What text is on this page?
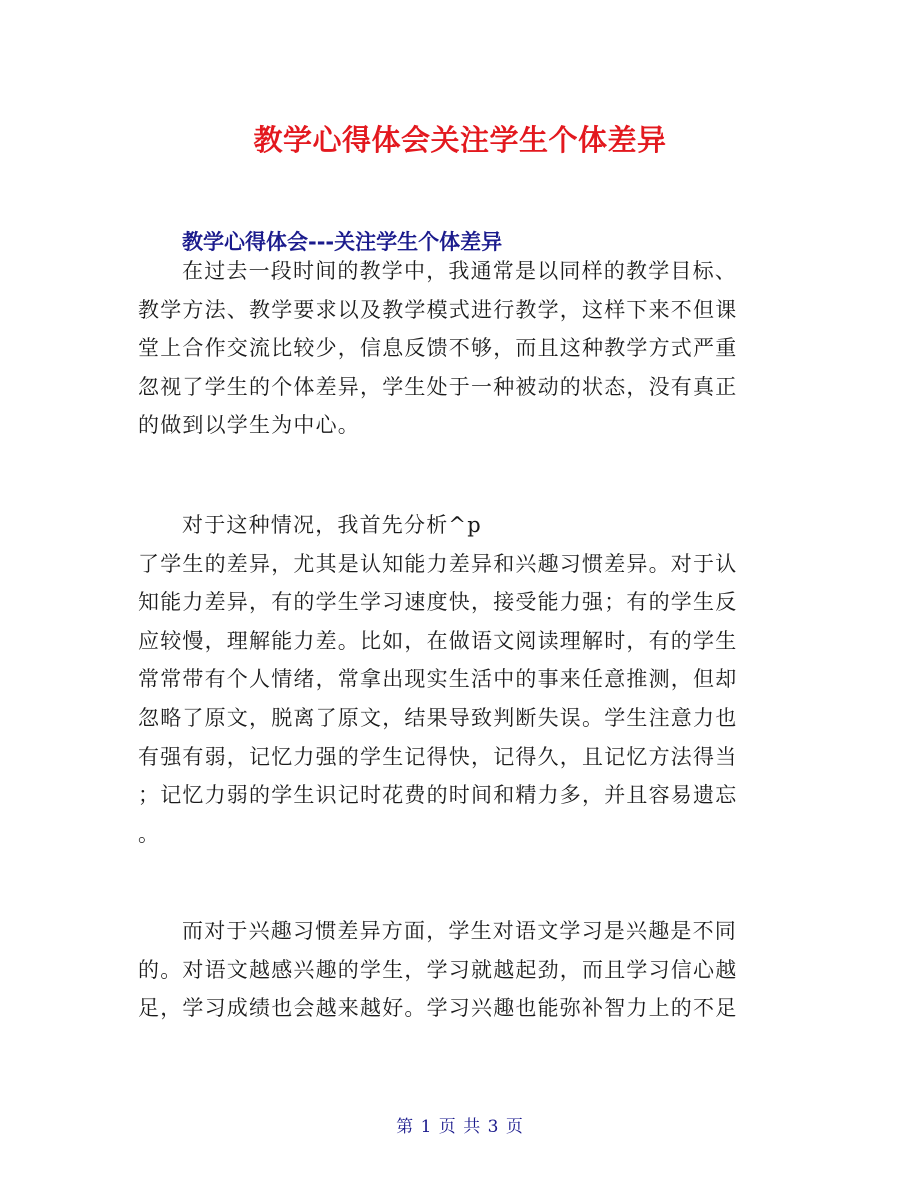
教学心得体会关注学生个体差异
教学心得体会---关注学生个体差异
在过去一段时间的教学中，我通常是以同样的教学目标、
教学方法、教学要求以及教学模式进行教学，这样下来不但课
堂上合作交流比较少，信息反馈不够，而且这种教学方式严重
忽视了学生的个体差异，学生处于一种被动的状态，没有真正
的做到以学生为中心。
对于这种情况，我首先分析^p
了学生的差异，尤其是认知能力差异和兴趣习惯差异。对于认
知能力差异，有的学生学习速度快，接受能力强；有的学生反
应较慢，理解能力差。比如，在做语文阅读理解时，有的学生
常常带有个人情绪，常拿出现实生活中的事来任意推测，但却
忽略了原文，脱离了原文，结果导致判断失误。学生注意力也
有强有弱，记忆力强的学生记得快，记得久，且记忆方法得当
；记忆力弱的学生识记时花费的时间和精力多，并且容易遗忘
。
而对于兴趣习惯差异方面，学生对语文学习是兴趣是不同
的。对语文越感兴趣的学生，学习就越起劲，而且学习信心越
足，学习成绩也会越来越好。学习兴趣也能弥补智力上的不足
第 1 页 共 3 页
